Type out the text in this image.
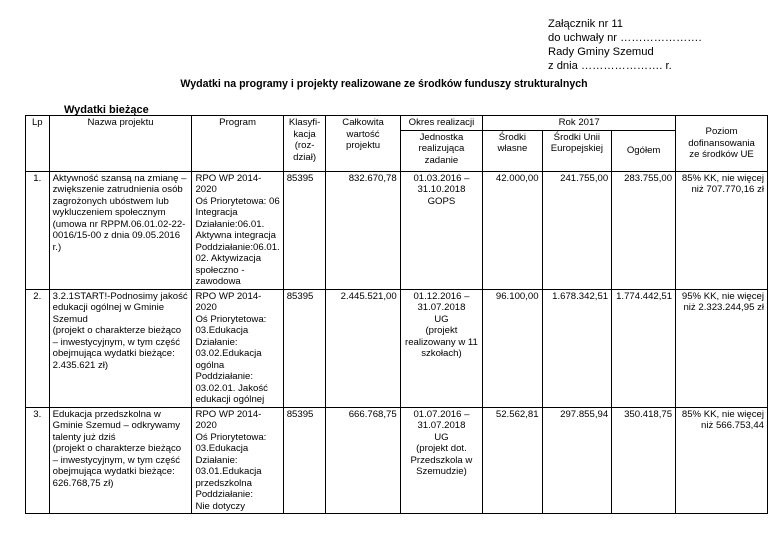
Załącznik nr 11
do uchwały nr ………………….
Rady Gminy Szemud
z dnia …………………. r.
Wydatki na programy i projekty realizowane ze środków funduszy strukturalnych
Wydatki bieżące
Lp	Nazwa projektu	Program	Klasyfi-
kacja
(roz-
dział)	Całkowita
wartość
projektu	Okres realizacji	Rok 2017			Poziom
dofinansowania
ze środków UE
					Jednostka
realizująca
zadanie	Środki
własne	Środki Unii
Europejskiej	Ogółem	
1.	Aktywność szansą na zmianę – zwiększenie zatrudnienia osób zagrożonych ubóstwem lub wykluczeniem społecznym
(umowa nr RPPM.06.01.02-22-0016/15-00 z dnia 09.05.2016 r.)	RPO WP 2014-2020
Oś Priorytetowa: 06 Integracja
Działanie:06.01. Aktywna integracja
Poddziałanie:06.01. 02. Aktywizacja społeczno - zawodowa	85395	832.670,78	01.03.2016 –
31.10.2018
GOPS	42.000,00	241.755,00	283.755,00	85% KK, nie więcej niż 707.770,16 zł
2.	3.2.1START!-Podnosimy jakość edukacji ogólnej w Gminie Szemud
(projekt o charakterze bieżąco – inwestycyjnym, w tym część obejmująca wydatki bieżące: 2.435.621 zł)	RPO WP 2014-2020
Oś Priorytetowa: 03.Edukacja
Działanie: 03.02.Edukacja ogólna
Poddziałanie: 03.02.01. Jakość edukacji ogólnej	85395	2.445.521,00	01.12.2016 –
31.07.2018
UG
(projekt realizowany w 11 szkołach)	96.100,00	1.678.342,51	1.774.442,51	95% KK, nie więcej niż 2.323.244,95 zł
3.	Edukacja przedszkolna w Gminie Szemud – odkrywamy talenty już dziś
(projekt o charakterze bieżąco – inwestycyjnym, w tym część obejmująca wydatki bieżące: 626.768,75 zł)	RPO WP 2014-2020
Oś Priorytetowa: 03.Edukacja
Działanie: 03.01.Edukacja przedszkolna
Poddziałanie:
Nie dotyczy	85395	666.768,75	01.07.2016 –
31.07.2018
UG
(projekt dot. Przedszkola w Szemudzie)	52.562,81	297.855,94	350.418,75	85% KK, nie więcej niż 566.753,44
